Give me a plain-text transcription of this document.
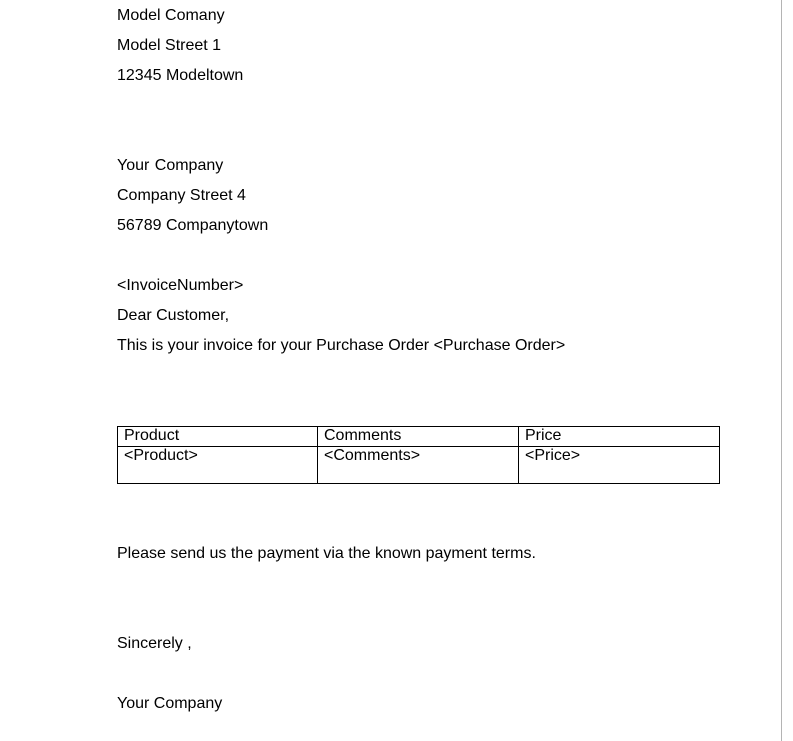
Model Comany
Model Street 1
12345 Modeltown
Your Company
Company Street 4
56789 Companytown
<InvoiceNumber>
Dear Customer,
This is your invoice for your Purchase Order <Purchase Order>
Product	Comments	Price
<Product>	<Comments>	<Price>
Please send us the payment via the known payment terms.
Sincerely ,
Your Company
